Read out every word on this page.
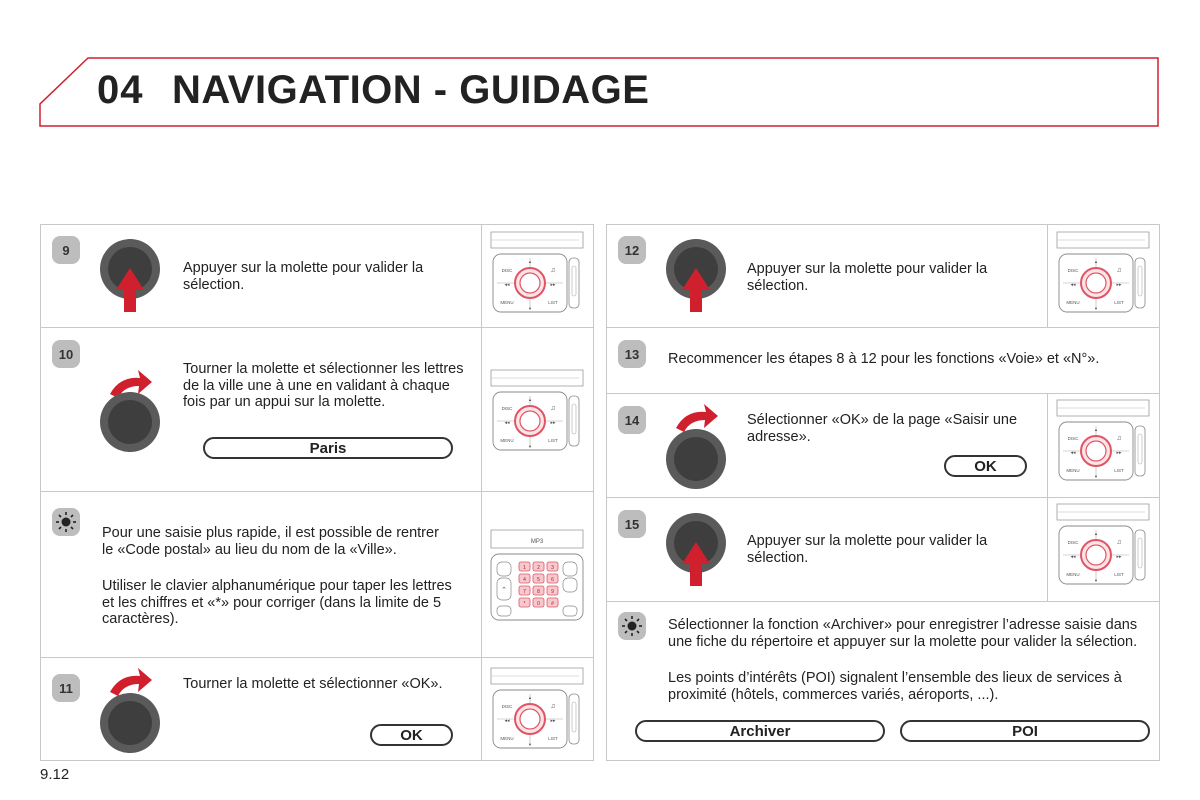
04 NAVIGATION - GUIDAGE
9
Appuyer sur la molette pour valider la sélection.
10
Tourner la molette et sélectionner les lettres de la ville une à une en validant à chaque fois par un appui sur la molette.
Paris
Pour une saisie plus rapide, il est possible de rentrer le «Code postal» au lieu du nom de la «Ville».
Utiliser le clavier alphanumérique pour taper les lettres et les chiffres et «*» pour corriger (dans la limite de 5 caractères).
11	Tourner la molette et sélectionner «OK».
OK
12
Appuyer sur la molette pour valider la sélection.
13	Recommencer les étapes 8 à 12 pour les fonctions «Voie» et «N°».
14	Sélectionner «OK» de la page «Saisir une adresse».
OK
15
Appuyer sur la molette pour valider la sélection.
Sélectionner la fonction «Archiver» pour enregistrer l’adresse saisie dans une fiche du répertoire et appuyer sur la molette pour valider la sélection.
Les points d’intérêts (POI) signalent l’ensemble des lieux de services à proximité (hôtels, commerces variés, aéroports, ...).
Archiver	POI
DISC	♫
MENU	LIST
◂◂	▸▸
▲
▼
DISC	♫
MENU	LIST
◂◂	▸▸
▲
▼
MP3
⌃
1 2 3
4 5 6
7 8 9
* 0 #
DISC	♫
MENU	LIST
◂◂	▸▸
▲
▼
DISC	♫
MENU	LIST
◂◂	▸▸
▲
▼
DISC	♫
MENU	LIST
◂◂	▸▸
▲
▼
DISC	♫
MENU	LIST
◂◂	▸▸
▲
▼
9.12
